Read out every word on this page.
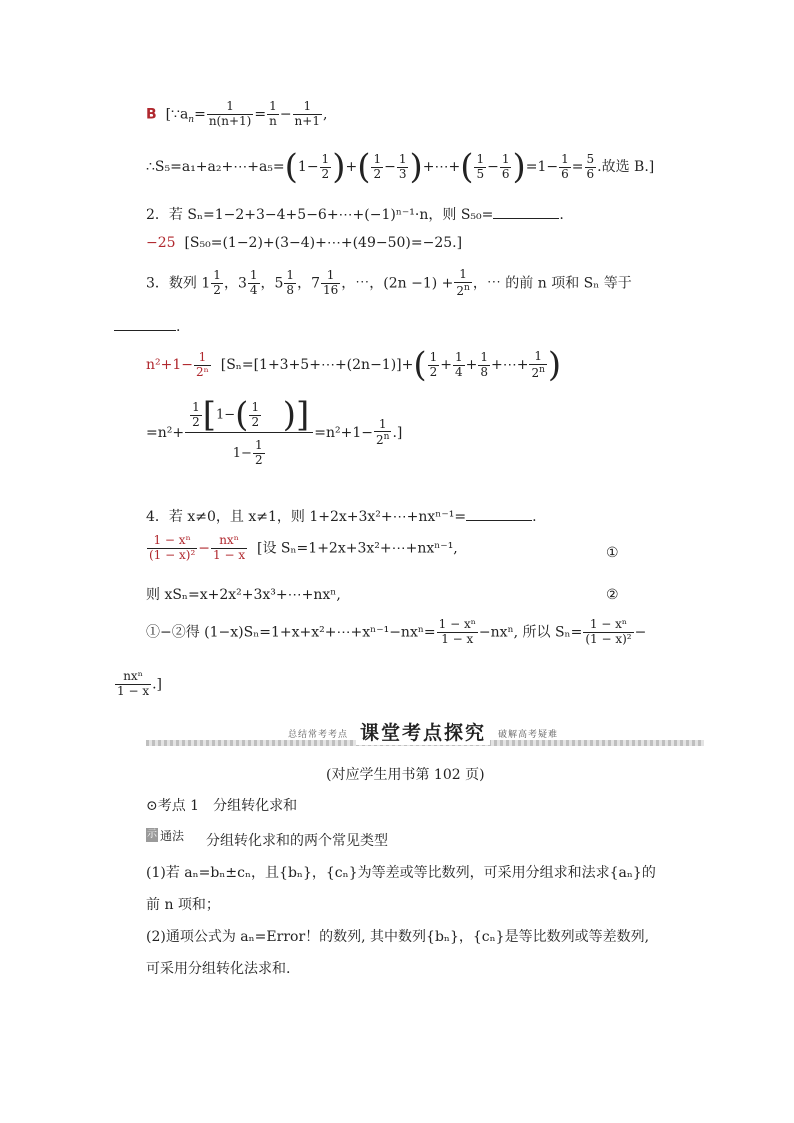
B [$\because a_n= \frac{1}{n(n+1)} = \frac{1}{n} - \frac{1}{n+1}$ ,
∴S₅=a₁+a₂+⋯+a₅=(1− $\frac{1}{2}$ )+( $\frac{1}{2} - \frac{1}{3}$ )+⋯+( $\frac{1}{5} - \frac{1}{6} )=1- \frac{1}{6} = \frac{5}{6}$ .故选 B.]
2．若 Sₙ=1−2+3−4+5−6+⋯+(−1)ⁿ⁻¹·n，则 S₅₀=	.
−25 [S₅₀=(1−2)+(3−4)+⋯+(49−50)=−25.]
3．数列 $1 \frac{1}{2}$ ，$3 \frac{1}{4}$ ，$5 \frac{1}{8}$ ，$7 \frac{1}{16}$ ，⋯，$(2n -1) + \frac{1}{2^n}$ ，⋯ 的前 n 项和 Sₙ 等于
.
$n^2+1- \frac{1}{\text{2ⁿ}}$ [Sₙ=[1+3+5+⋯+(2n−1)]+( $\frac{1}{2} + \frac{1}{4} + \frac{1}{8}$ +⋯+ $\frac{1}{2^n}$ )
$=n^2+ \frac{\frac{1}{2} [1-( \frac{1}{2} )]}{1- \frac{1}{2}} =n^2+1- \frac{1}{2^n}$ .]
4．若 x≠0，且 x≠1，则 1+2x+3x²+⋯+nxⁿ⁻¹=	.
$\frac{\text{1 − xⁿ}}{\text{(1 − x)²}} - \frac{\text{nxⁿ}}{1 - x}$ [设 Sₙ=1+2x+3x²+⋯+nxⁿ⁻¹,	①
则 xSₙ=x+2x²+3x³+⋯+nxⁿ,	②
①−②得 (1−x)Sₙ=1+x+x²+⋯+xⁿ⁻¹−nxⁿ= $\frac{\text{1 − xⁿ}}{1 - x} -nx^n$, 所以 $S_n= \frac{\text{1 − xⁿ}}{\text{(1 − x)²}}$ −
$\frac{\text{nxⁿ}}{1 - x}$ .]
总结常考考点 课堂考点探究	破解高考疑难
(对应学生用书第 102 页)
⊙考点 1　分组转化求和
示 通法 分组转化求和的两个常见类型
(1)若 aₙ=bₙ±cₙ，且{bₙ}，{cₙ}为等差或等比数列，可采用分组求和法求{aₙ}的
前 n 项和；
(2)通项公式为 aₙ=Error！的数列, 其中数列{bₙ}，{cₙ}是等比数列或等差数列,
可采用分组转化法求和.
